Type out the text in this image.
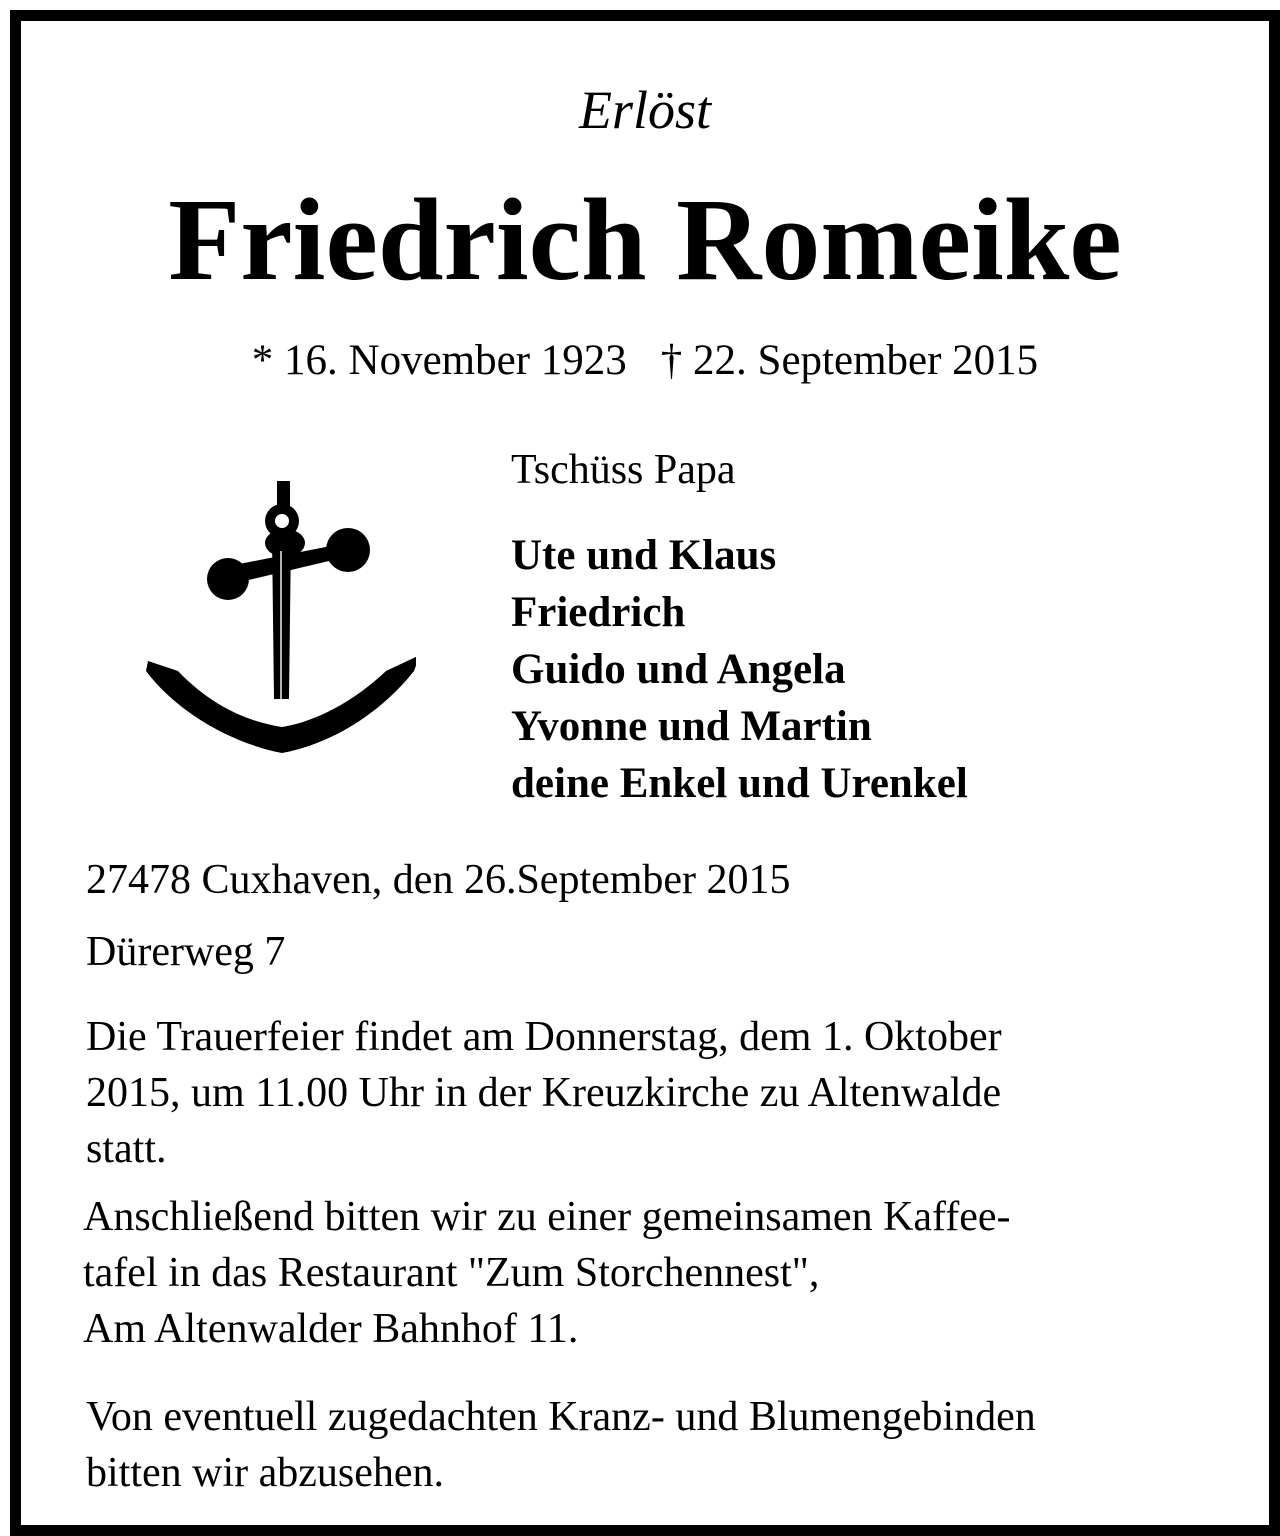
Erlöst

Friedrich Romeike

* 16. November 1923 † 22. September 2015

Tschüss Papa

Ute und Klaus
Friedrich
Guido und Angela
Yvonne und Martin
deine Enkel und Urenkel

27478 Cuxhaven, den 26.September 2015

Dürerweg 7

Die Trauerfeier findet am Donnerstag, dem 1. Oktober
2015, um 11.00 Uhr in der Kreuzkirche zu Altenwalde
statt.
Anschließend bitten wir zu einer gemeinsamen Kaffee-
tafel in das Restaurant "Zum Storchennest",
Am Altenwalder Bahnhof 11.
Von eventuell zugedachten Kranz- und Blumengebinden
bitten wir abzusehen.
